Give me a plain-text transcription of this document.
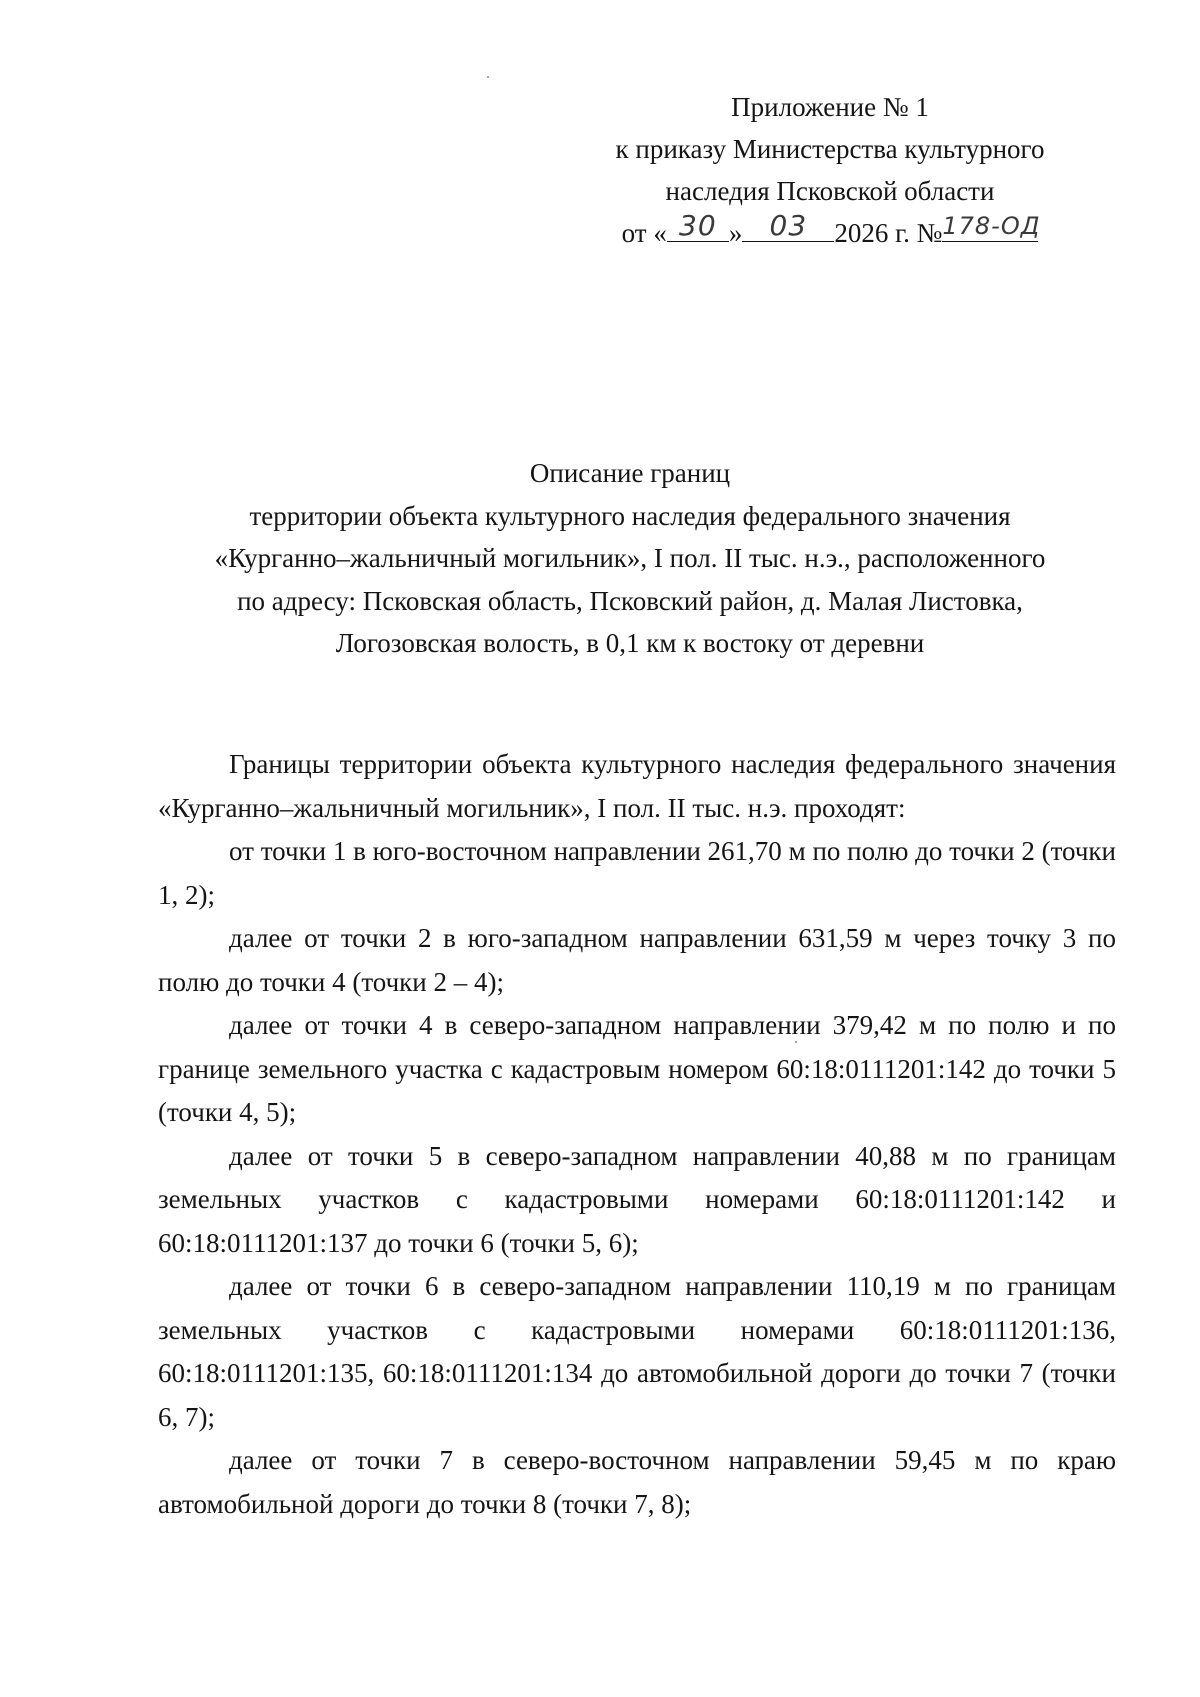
Приложение № 1
к приказу Министерства культурного
наследия Псковской области
от « 30 » 03	2026 г. № 178-ОД
Описание границ
территории объекта культурного наследия федерального значения
«Курганно–жальничный могильник», I пол. II тыс. н.э., расположенного
по адресу: Псковская область, Псковский район, д. Малая Листовка,
Логозовская волость, в 0,1 км к востоку от деревни

Границы территории объекта культурного наследия федерального значения «Курганно–жальничный могильник», I пол. II тыс. н.э. проходят:

от точки 1 в юго-восточном направлении 261,70 м по полю до точки 2 (точки 1, 2);

далее от точки 2 в юго-западном направлении 631,59 м через точку 3 по полю до точки 4 (точки 2 – 4);

далее от точки 4 в северо-западном направлении 379,42 м по полю и по границе земельного участка с кадастровым номером 60:18:0111201:142 до точки 5 (точки 4, 5);

далее от точки 5 в северо-западном направлении 40,88 м по границам земельных участков с кадастровыми номерами 60:18:0111201:142 и 60:18:0111201:137 до точки 6 (точки 5, 6);

далее от точки 6 в северо-западном направлении 110,19 м по границам земельных участков с кадастровыми номерами 60:18:0111201:136, 60:18:0111201:135, 60:18:0111201:134 до автомобильной дороги до точки 7 (точки 6, 7);

далее от точки 7 в северо-восточном направлении 59,45 м по краю автомобильной дороги до точки 8 (точки 7, 8);
